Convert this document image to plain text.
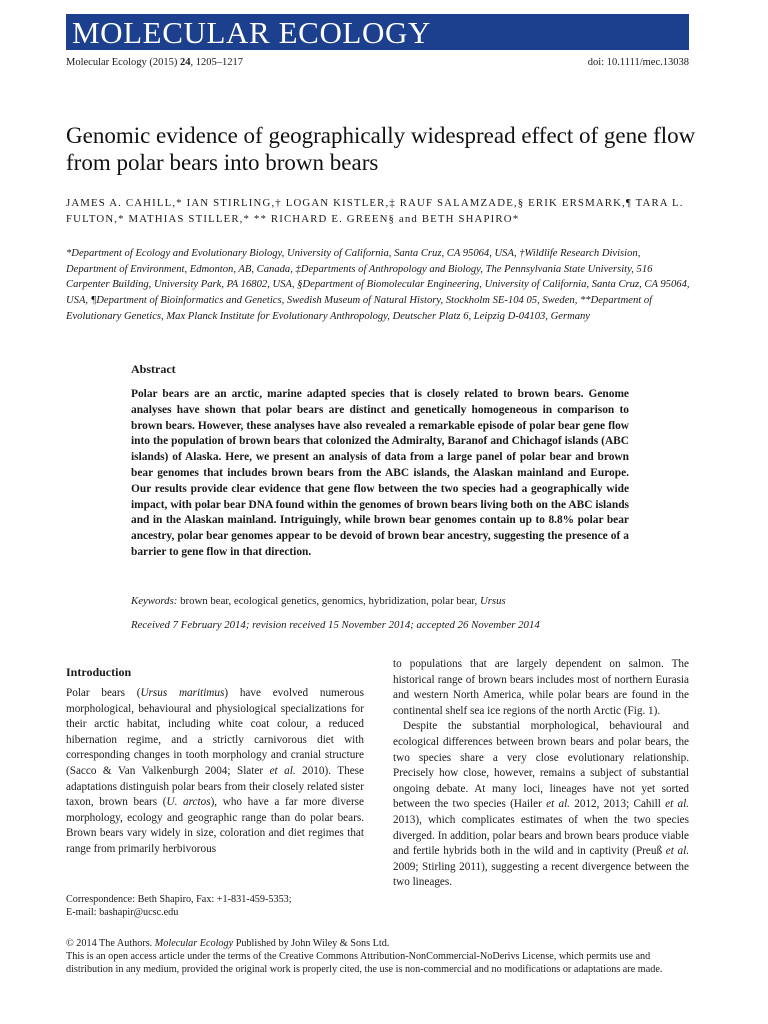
MOLECULAR ECOLOGY
Molecular Ecology (2015) 24, 1205–1217	doi: 10.1111/mec.13038
Genomic evidence of geographically widespread effect of gene flow from polar bears into brown bears
JAMES A. CAHILL,* IAN STIRLING,† LOGAN KISTLER,‡ RAUF SALAMZADE,§ ERIK ERSMARK,¶ TARA L. FULTON,* MATHIAS STILLER,* ** RICHARD E. GREEN§ and BETH SHAPIRO*
*Department of Ecology and Evolutionary Biology, University of California, Santa Cruz, CA 95064, USA, †Wildlife Research Division, Department of Environment, Edmonton, AB, Canada, ‡Departments of Anthropology and Biology, The Pennsylvania State University, 516 Carpenter Building, University Park, PA 16802, USA, §Department of Biomolecular Engineering, University of California, Santa Cruz, CA 95064, USA, ¶Department of Bioinformatics and Genetics, Swedish Museum of Natural History, Stockholm SE-104 05, Sweden, **Department of Evolutionary Genetics, Max Planck Institute for Evolutionary Anthropology, Deutscher Platz 6, Leipzig D-04103, Germany
Abstract

Polar bears are an arctic, marine adapted species that is closely related to brown bears. Genome analyses have shown that polar bears are distinct and genetically homogeneous in comparison to brown bears. However, these analyses have also revealed a remarkable episode of polar bear gene flow into the population of brown bears that colonized the Admiralty, Baranof and Chichagof islands (ABC islands) of Alaska. Here, we present an analysis of data from a large panel of polar bear and brown bear genomes that includes brown bears from the ABC islands, the Alaskan mainland and Europe. Our results provide clear evidence that gene flow between the two species had a geographically wide impact, with polar bear DNA found within the genomes of brown bears living both on the ABC islands and in the Alaskan mainland. Intriguingly, while brown bear genomes contain up to 8.8% polar bear ancestry, polar bear genomes appear to be devoid of brown bear ancestry, suggesting the presence of a barrier to gene flow in that direction.

Keywords: brown bear, ecological genetics, genomics, hybridization, polar bear, Ursus
Received 7 February 2014; revision received 15 November 2014; accepted 26 November 2014
Introduction

Polar bears (Ursus maritimus) have evolved numerous morphological, behavioural and physiological specializations for their arctic habitat, including white coat colour, a reduced hibernation regime, and a strictly carnivorous diet with corresponding changes in tooth morphology and cranial structure (Sacco & Van Valkenburgh 2004; Slater et al. 2010). These adaptations distinguish polar bears from their closely related sister taxon, brown bears (U. arctos), who have a far more diverse morphology, ecology and geographic range than do polar bears. Brown bears vary widely in size, coloration and diet regimes that range from primarily herbivorous

to populations that are largely dependent on salmon. The historical range of brown bears includes most of northern Eurasia and western North America, while polar bears are found in the continental shelf sea ice regions of the north Arctic (Fig. 1).

Despite the substantial morphological, behavioural and ecological differences between brown bears and polar bears, the two species share a very close evolutionary relationship. Precisely how close, however, remains a subject of substantial ongoing debate. At many loci, lineages have not yet sorted between the two species (Hailer et al. 2012, 2013; Cahill et al. 2013), which complicates estimates of when the two species diverged. In addition, polar bears and brown bears produce viable and fertile hybrids both in the wild and in captivity (Preuß et al. 2009; Stirling 2011), suggesting a recent divergence between the two lineages.

Correspondence: Beth Shapiro, Fax: +1-831-459-5353;
E-mail: bashapir@ucsc.edu
© 2014 The Authors. Molecular Ecology Published by John Wiley & Sons Ltd.
This is an open access article under the terms of the Creative Commons Attribution-NonCommercial-NoDerivs License, which permits use and distribution in any medium, provided the original work is properly cited, the use is non-commercial and no modifications or adaptations are made.
